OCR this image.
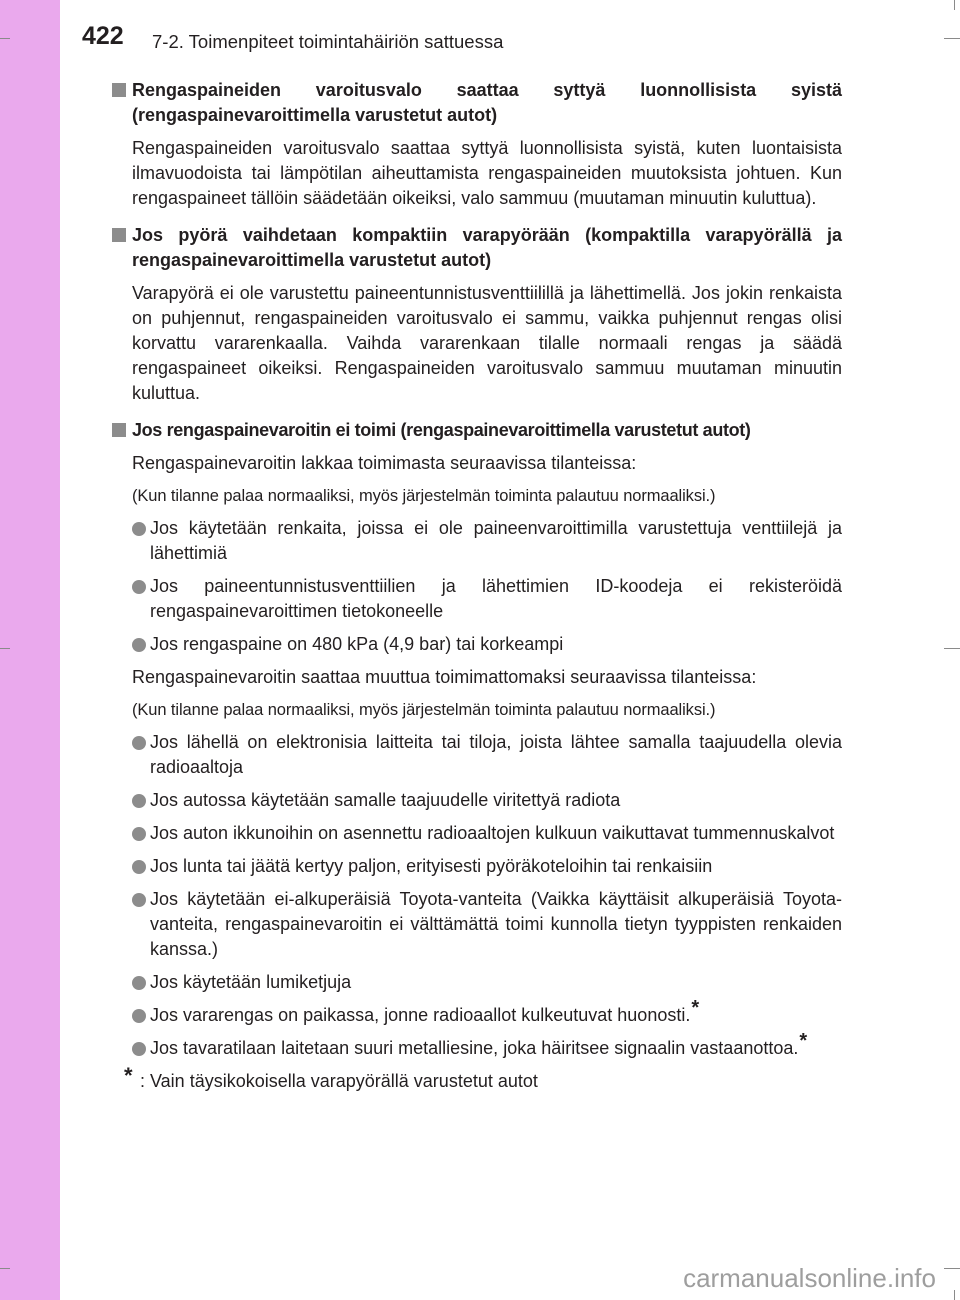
422 7-2. Toimenpiteet toimintahäiriön sattuessa
Rengaspaineiden varoitusvalo saattaa syttyä luonnollisista syistä (rengaspainevaroittimella varustetut autot)
Rengaspaineiden varoitusvalo saattaa syttyä luonnollisista syistä, kuten luontaisista ilmavuodoista tai lämpötilan aiheuttamista rengaspaineiden muutoksista johtuen. Kun rengaspaineet tällöin säädetään oikeiksi, valo sammuu (muutaman minuutin kuluttua).
Jos pyörä vaihdetaan kompaktiin varapyörään (kompaktilla varapyörällä ja rengaspainevaroittimella varustetut autot)
Varapyörä ei ole varustettu paineentunnistusventtiilillä ja lähettimellä. Jos jokin renkaista on puhjennut, rengaspaineiden varoitusvalo ei sammu, vaikka puhjennut rengas olisi korvattu vararenkaalla. Vaihda vararenkaan tilalle normaali rengas ja säädä rengaspaineet oikeiksi. Rengaspaineiden varoitusvalo sammuu muutaman minuutin kuluttua.
Jos rengaspainevaroitin ei toimi (rengaspainevaroittimella varustetut autot)
Rengaspainevaroitin lakkaa toimimasta seuraavissa tilanteissa:
(Kun tilanne palaa normaaliksi, myös järjestelmän toiminta palautuu normaaliksi.)
Jos käytetään renkaita, joissa ei ole paineenvaroittimilla varustettuja venttiilejä ja lähettimiä
Jos paineentunnistusventtiilien ja lähettimien ID-koodeja ei rekisteröidä rengaspainevaroittimen tietokoneelle
Jos rengaspaine on 480 kPa (4,9 bar) tai korkeampi
Rengaspainevaroitin saattaa muuttua toimimattomaksi seuraavissa tilanteissa:
(Kun tilanne palaa normaaliksi, myös järjestelmän toiminta palautuu normaaliksi.)
Jos lähellä on elektronisia laitteita tai tiloja, joista lähtee samalla taajuudella olevia radioaaltoja
Jos autossa käytetään samalle taajuudelle viritettyä radiota
Jos auton ikkunoihin on asennettu radioaaltojen kulkuun vaikuttavat tummennuskalvot
Jos lunta tai jäätä kertyy paljon, erityisesti pyöräkoteloihin tai renkaisiin
Jos käytetään ei-alkuperäisiä Toyota-vanteita (Vaikka käyttäisit alkuperäisiä Toyota-vanteita, rengaspainevaroitin ei välttämättä toimi kunnolla tietyn tyyppisten renkaiden kanssa.)
Jos käytetään lumiketjuja
Jos vararengas on paikassa, jonne radioaallot kulkeutuvat huonosti.*
Jos tavaratilaan laitetaan suuri metalliesine, joka häiritsee signaalin vastaanottoa.*
* : Vain täysikokoisella varapyörällä varustetut autot
carmanualsonline.info
